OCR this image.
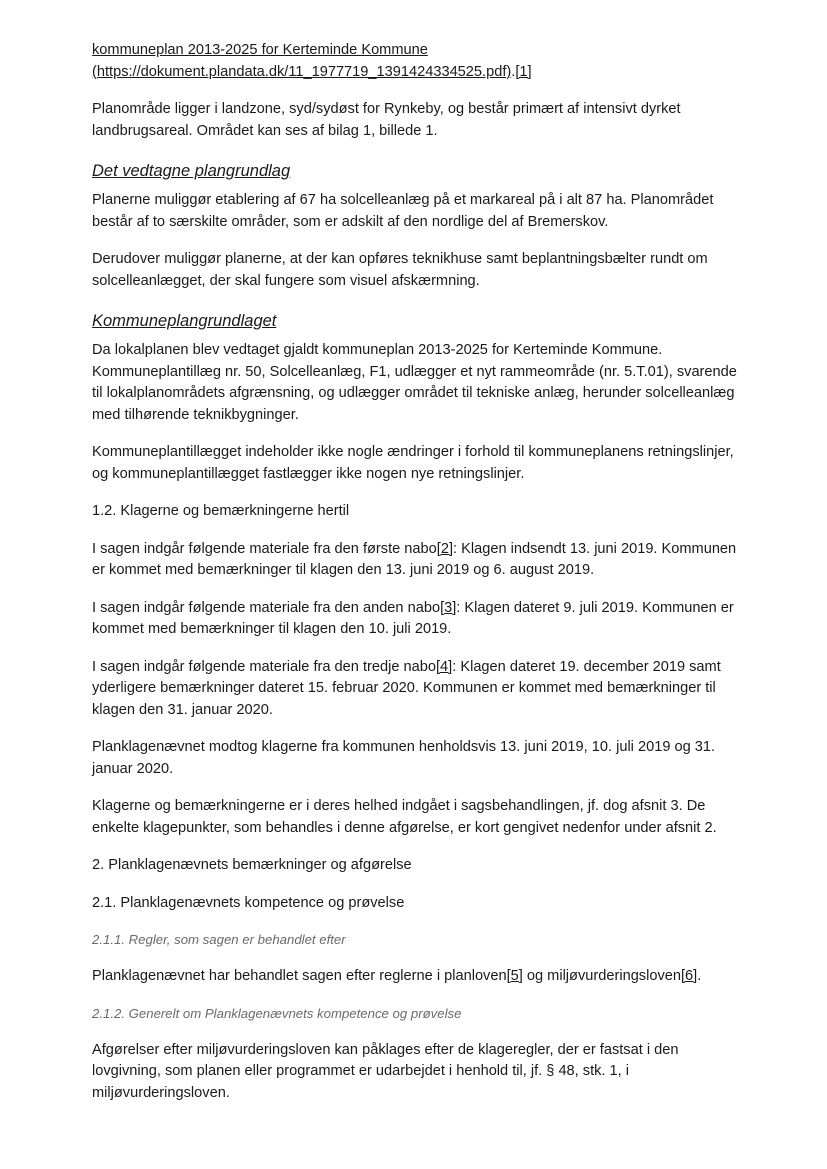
kommuneplan 2013-2025 for Kerteminde Kommune
(https://dokument.plandata.dk/11_1977719_1391424334525.pdf).[1]

Planområde ligger i landzone, syd/sydøst for Rynkeby, og består primært af intensivt dyrket landbrugsareal. Området kan ses af bilag 1, billede 1.

Det vedtagne plangrundlag

Planerne muliggør etablering af 67 ha solcelleanlæg på et markareal på i alt 87 ha. Planområdet består af to særskilte områder, som er adskilt af den nordlige del af Bremerskov.

Derudover muliggør planerne, at der kan opføres teknikhuse samt beplantningsbælter rundt om solcelleanlægget, der skal fungere som visuel afskærmning.

Kommuneplangrundlaget

Da lokalplanen blev vedtaget gjaldt kommuneplan 2013-2025 for Kerteminde Kommune. Kommuneplantillæg nr. 50, Solcelleanlæg, F1, udlægger et nyt rammeområde (nr. 5.T.01), svarende til lokalplanområdets afgrænsning, og udlægger området til tekniske anlæg, herunder solcelleanlæg med tilhørende teknikbygninger.

Kommuneplantillægget indeholder ikke nogle ændringer i forhold til kommuneplanens retningslinjer, og kommuneplantillægget fastlægger ikke nogen nye retningslinjer.

1.2. Klagerne og bemærkningerne hertil

I sagen indgår følgende materiale fra den første nabo[2]: Klagen indsendt 13. juni 2019. Kommunen er kommet med bemærkninger til klagen den 13. juni 2019 og 6. august 2019.

I sagen indgår følgende materiale fra den anden nabo[3]: Klagen dateret 9. juli 2019. Kommunen er kommet med bemærkninger til klagen den 10. juli 2019.

I sagen indgår følgende materiale fra den tredje nabo[4]: Klagen dateret 19. december 2019 samt yderligere bemærkninger dateret 15. februar 2020. Kommunen er kommet med bemærkninger til klagen den 31. januar 2020.

Planklagenævnet modtog klagerne fra kommunen henholdsvis 13. juni 2019, 10. juli 2019 og 31. januar 2020.

Klagerne og bemærkningerne er i deres helhed indgået i sagsbehandlingen, jf. dog afsnit 3. De enkelte klagepunkter, som behandles i denne afgørelse, er kort gengivet nedenfor under afsnit 2.

2. Planklagenævnets bemærkninger og afgørelse

2.1. Planklagenævnets kompetence og prøvelse

2.1.1. Regler, som sagen er behandlet efter

Planklagenævnet har behandlet sagen efter reglerne i planloven[5] og miljøvurderingsloven[6].

2.1.2. Generelt om Planklagenævnets kompetence og prøvelse

Afgørelser efter miljøvurderingsloven kan påklages efter de klageregler, der er fastsat i den lovgivning, som planen eller programmet er udarbejdet i henhold til, jf. § 48, stk. 1, i miljøvurderingsloven.
